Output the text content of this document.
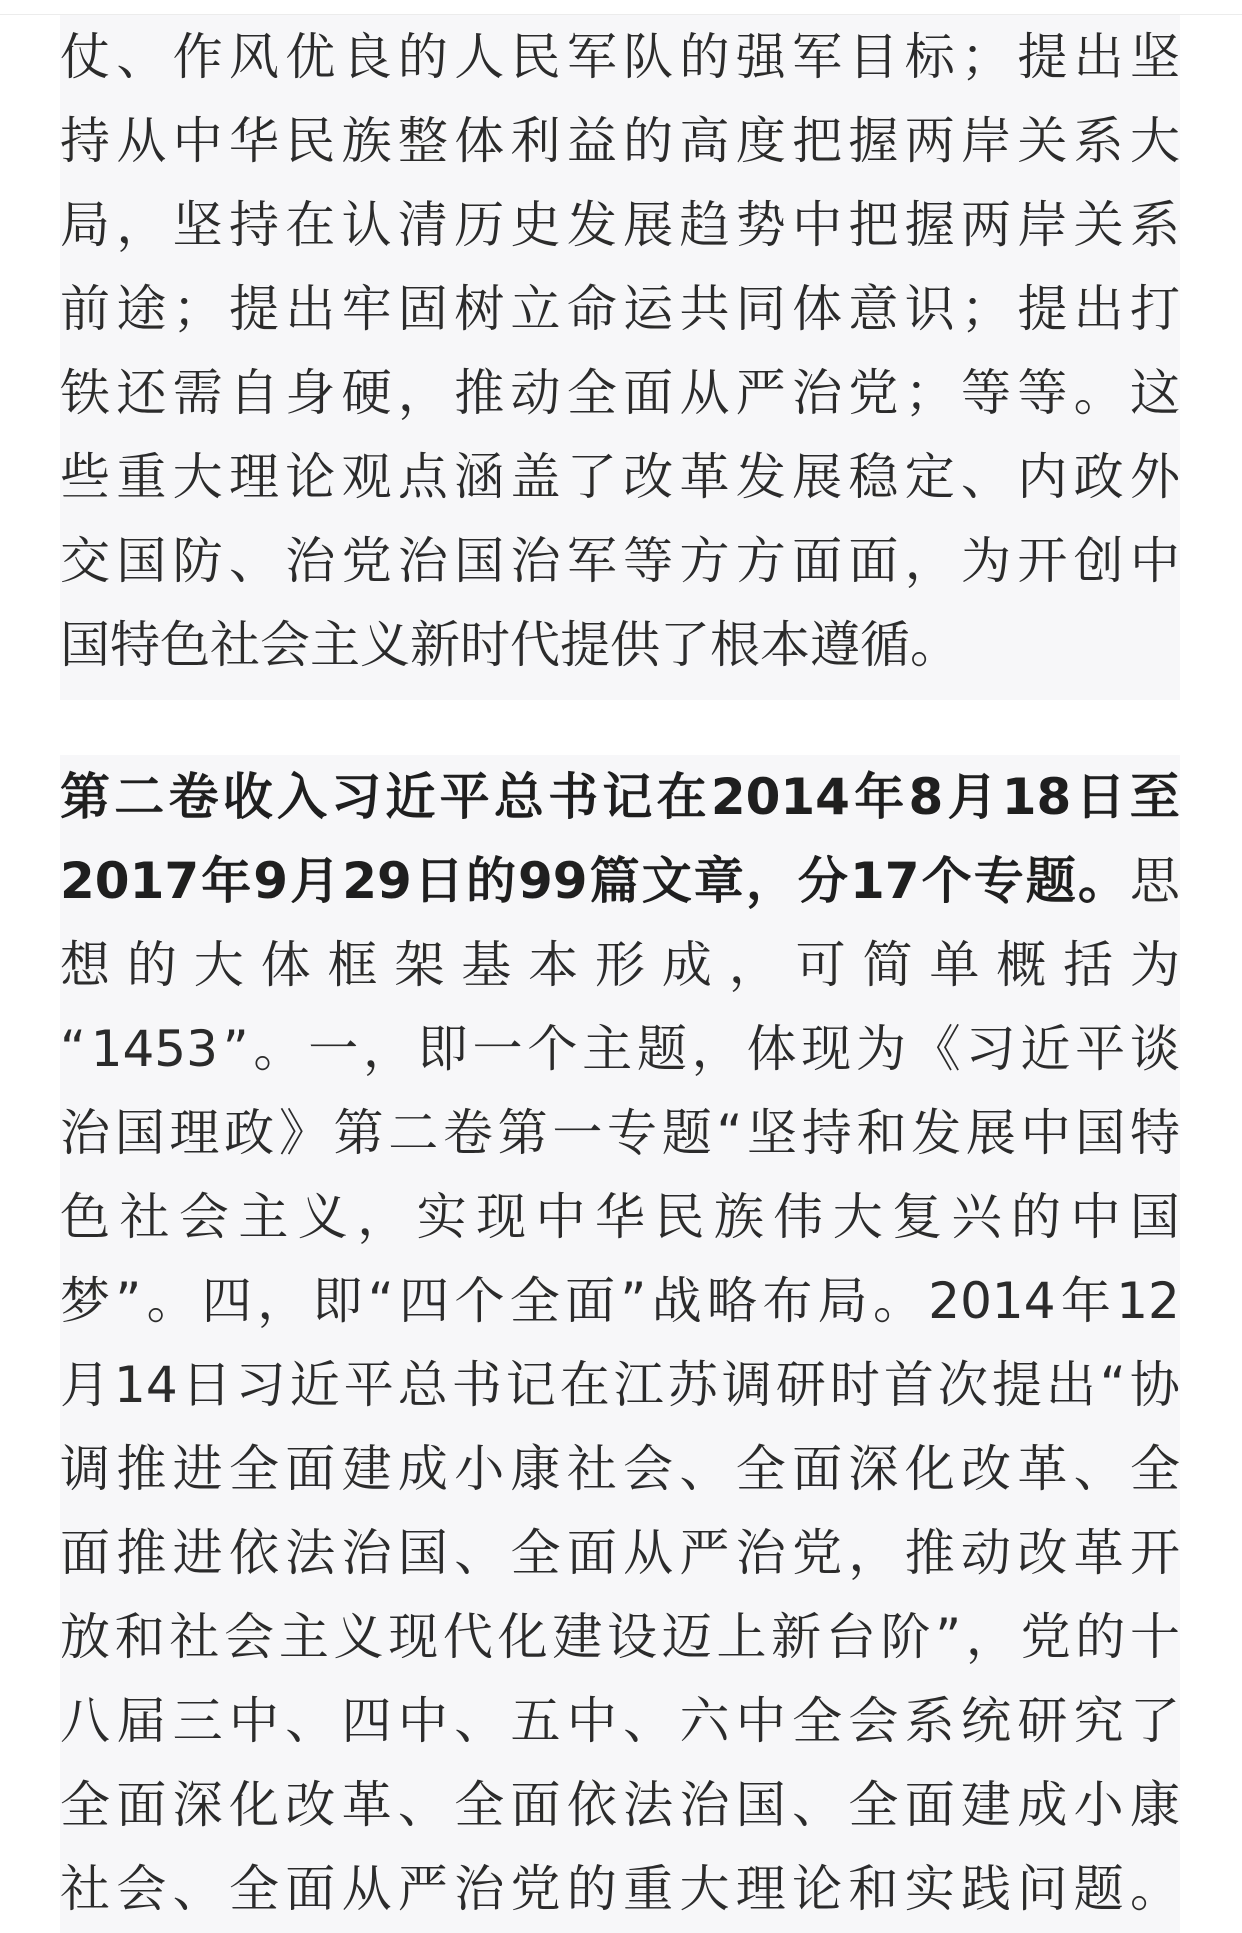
仗 、 作 风 优 良 的 人 民 军 队 的 强 军 目 标 ； 提 出 坚
持 从 中 华 民 族 整 体 利 益 的 高 度 把 握 两 岸 关 系 大
局 ， 坚 持 在 认 清 历 史 发 展 趋 势 中 把 握 两 岸 关 系
前 途 ； 提 出 牢 固 树 立 命 运 共 同 体 意 识 ； 提 出 打
铁 还 需 自 身 硬 ， 推 动 全 面 从 严 治 党 ； 等 等 。 这
些 重 大 理 论 观 点 涵 盖 了 改 革 发 展 稳 定 、 内 政 外
交 国 防 、 治 党 治 国 治 军 等 方 方 面 面 ， 为 开 创 中
国特色社会主义新时代提供了根本遵循。
第 二 卷 收 入 习 近 平 总 书 记 在 2014 年 8 月 18 日 至
2017 年 9 月 29 日 的 99 篇 文 章 ， 分 17 个 专 题 。 思
想 的 大 体 框 架 基 本 形 成 ， 可 简 单 概 括 为
“ 1453 ” 。 一 ， 即 一 个 主 题 ， 体 现 为 《 习 近 平 谈
治 国 理 政 》 第 二 卷 第 一 专 题 “ 坚 持 和 发 展 中 国 特
色 社 会 主 义 ， 实 现 中 华 民 族 伟 大 复 兴 的 中 国
梦 ” 。 四 ， 即 “ 四 个 全 面 ” 战 略 布 局 。 2014 年 12
月 14 日 习 近 平 总 书 记 在 江 苏 调 研 时 首 次 提 出 “ 协
调 推 进 全 面 建 成 小 康 社 会 、 全 面 深 化 改 革 、 全
面 推 进 依 法 治 国 、 全 面 从 严 治 党 ， 推 动 改 革 开
放 和 社 会 主 义 现 代 化 建 设 迈 上 新 台 阶 ” ， 党 的 十
八 届 三 中 、 四 中 、 五 中 、 六 中 全 会 系 统 研 究 了
全 面 深 化 改 革 、 全 面 依 法 治 国 、 全 面 建 成 小 康
社 会 、 全 面 从 严 治 党 的 重 大 理 论 和 实 践 问 题 。
